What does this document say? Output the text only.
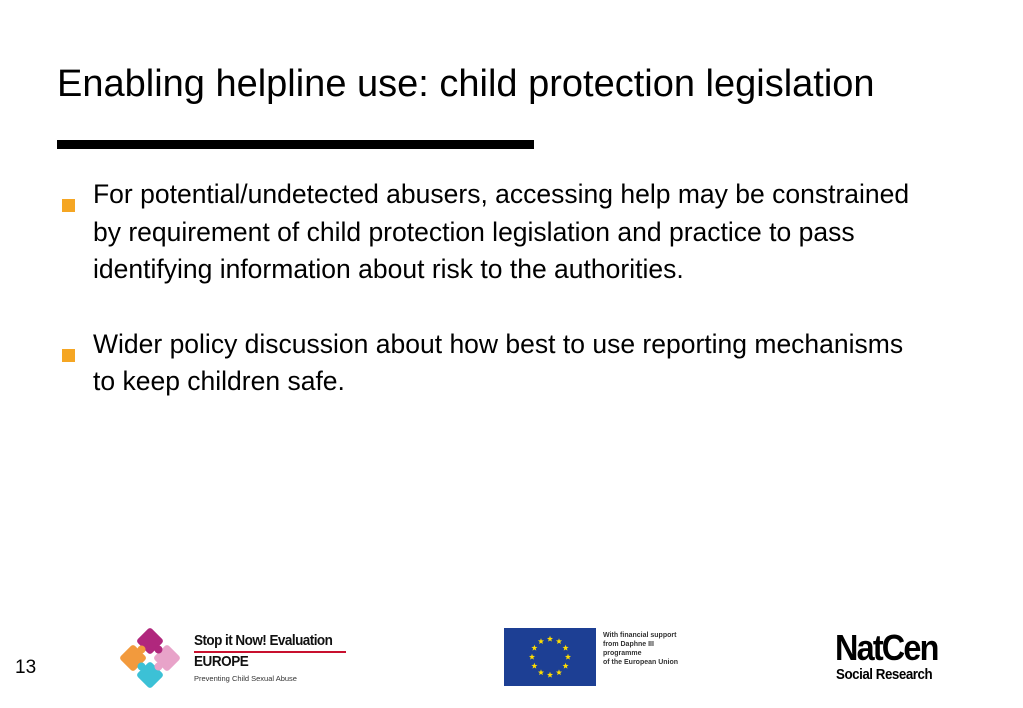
Enabling helpline use: child protection legislation
For potential/undetected abusers, accessing help may be constrained by requirement of child protection legislation and practice to pass identifying information about risk to the authorities.
Wider policy discussion about how best to use reporting mechanisms to keep children safe.
13
Stop it Now! Evaluation
EUROPE
Preventing Child Sexual Abuse
With financial support
from Daphne III programme
of the European Union	NatCen
Social Research
